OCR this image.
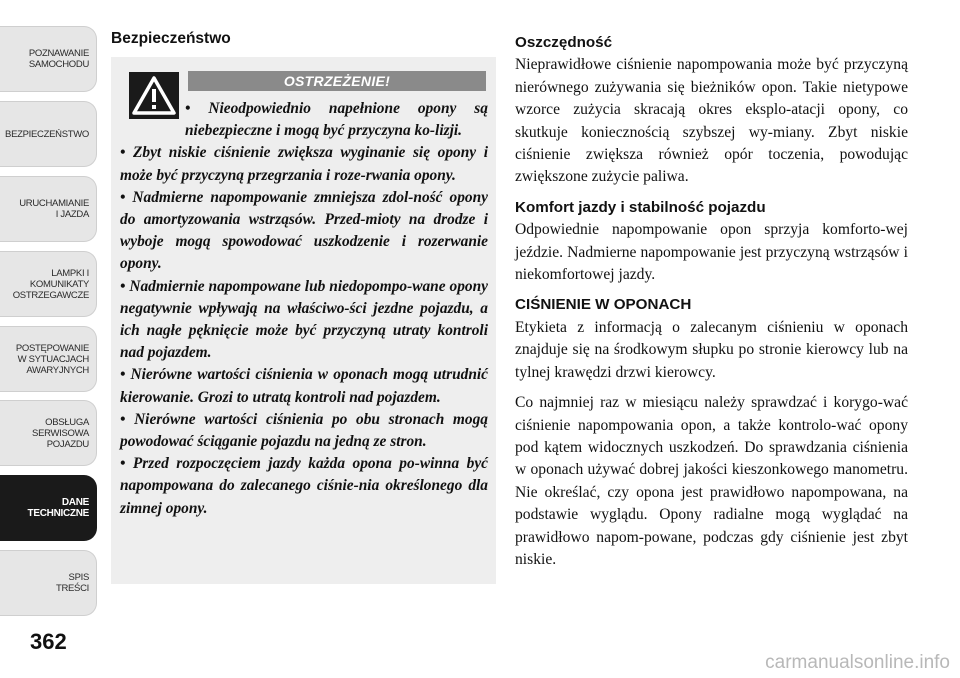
POZNAWANIE
SAMOCHODU
BEZPIECZEŃSTWO
URUCHAMIANIE
I JAZDA
LAMPKI I
KOMUNIKATY
OSTRZEGAWCZE
POSTĘPOWANIE
W SYTUACJACH
AWARYJNYCH
OBSŁUGA
SERWISOWA
POJAZDU
DANE
TECHNICZNE
SPIS
TREŚCI
362
Bezpieczeństwo
OSTRZEŻENIE!

• Nieodpowiednio napełnione opony są niebezpieczne i mogą być przyczyna ko-lizji.

• Zbyt niskie ciśnienie zwiększa wyginanie się opony i może być przyczyną przegrzania i roze-rwania opony.

• Nadmierne napompowanie zmniejsza zdol-ność opony do amortyzowania wstrząsów. Przed-mioty na drodze i wyboje mogą spowodować uszkodzenie i rozerwanie opony.

• Nadmiernie napompowane lub niedopompo-wane opony negatywnie wpływają na właściwo-ści jezdne pojazdu, a ich nagłe pęknięcie może być przyczyną utraty kontroli nad pojazdem.

• Nierówne wartości ciśnienia w oponach mogą utrudnić kierowanie. Grozi to utratą kontroli nad pojazdem.

• Nierówne wartości ciśnienia po obu stronach mogą powodować ściąganie pojazdu na jedną ze stron.

• Przed rozpoczęciem jazdy każda opona po-winna być napompowana do zalecanego ciśnie-nia określonego dla zimnej opony.

Oszczędność

Nieprawidłowe ciśnienie napompowania może być przyczyną nierównego zużywania się bieżników opon. Takie nietypowe wzorce zużycia skracają okres eksplo-atacji opony, co skutkuje koniecznością szybszej wy-miany. Zbyt niskie ciśnienie zwiększa również opór toczenia, powodując zwiększone zużycie paliwa.

Komfort jazdy i stabilność pojazdu

Odpowiednie napompowanie opon sprzyja komforto-wej jeździe. Nadmierne napompowanie jest przyczyną wstrząsów i niekomfortowej jazdy.

CIŚNIENIE W OPONACH

Etykieta z informacją o zalecanym ciśnieniu w oponach znajduje się na środkowym słupku po stronie kierowcy lub na tylnej krawędzi drzwi kierowcy.

Co najmniej raz w miesiącu należy sprawdzać i korygo-wać ciśnienie napompowania opon, a także kontrolo-wać opony pod kątem widocznych uszkodzeń. Do sprawdzania ciśnienia w oponach używać dobrej jakości kieszonkowego manometru. Nie określać, czy opona jest prawidłowo napompowana, na podstawie wyglądu. Opony radialne mogą wyglądać na prawidłowo napom-powane, podczas gdy ciśnienie jest zbyt niskie.

carmanualsonline.info
